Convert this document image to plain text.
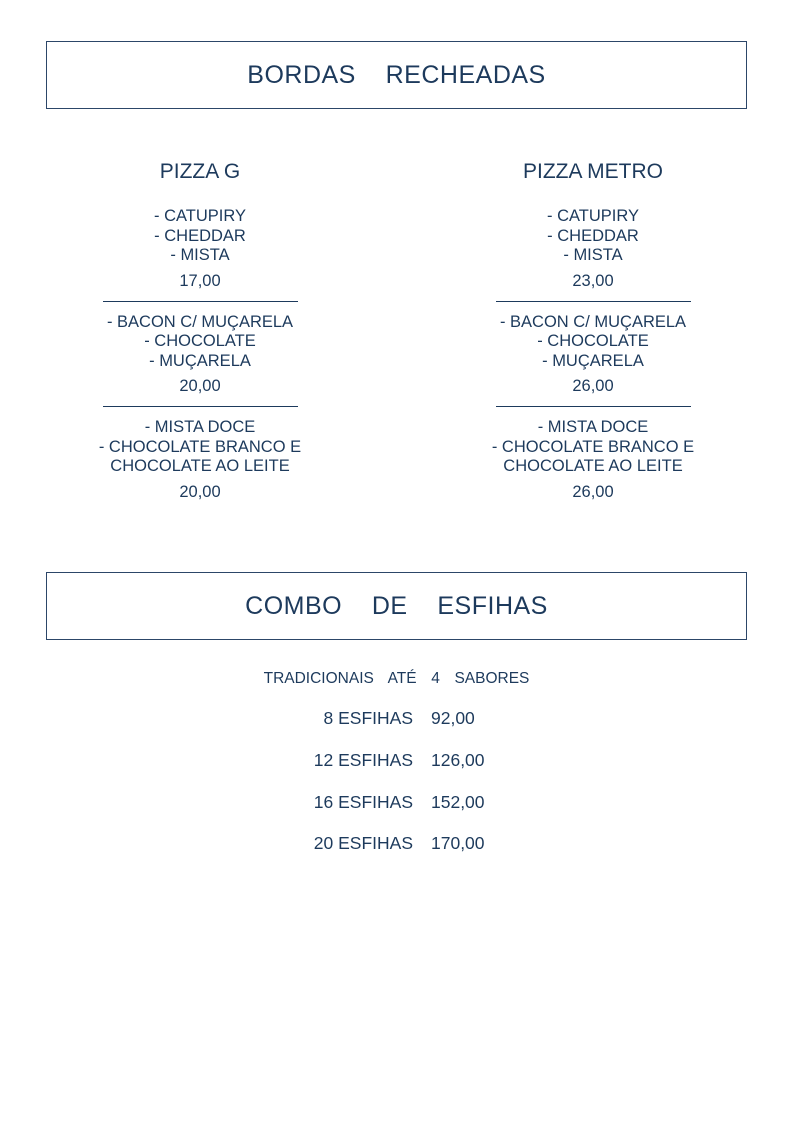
BORDAS    RECHEADAS
PIZZA G
- CATUPIRY
- CHEDDAR
- MISTA
17,00
- BACON C/ MUÇARELA
- CHOCOLATE
- MUÇARELA
20,00
- MISTA DOCE
- CHOCOLATE BRANCO E
CHOCOLATE AO LEITE
20,00
PIZZA METRO
- CATUPIRY
- CHEDDAR
- MISTA
23,00
- BACON C/ MUÇARELA
- CHOCOLATE
- MUÇARELA
26,00
- MISTA DOCE
- CHOCOLATE BRANCO E
CHOCOLATE AO LEITE
26,00
COMBO    DE    ESFIHAS
TRADICIONAIS  ATÉ  4  SABORES
8 ESFIHAS 92,00
12 ESFIHAS 126,00
16 ESFIHAS 152,00
20 ESFIHAS 170,00
